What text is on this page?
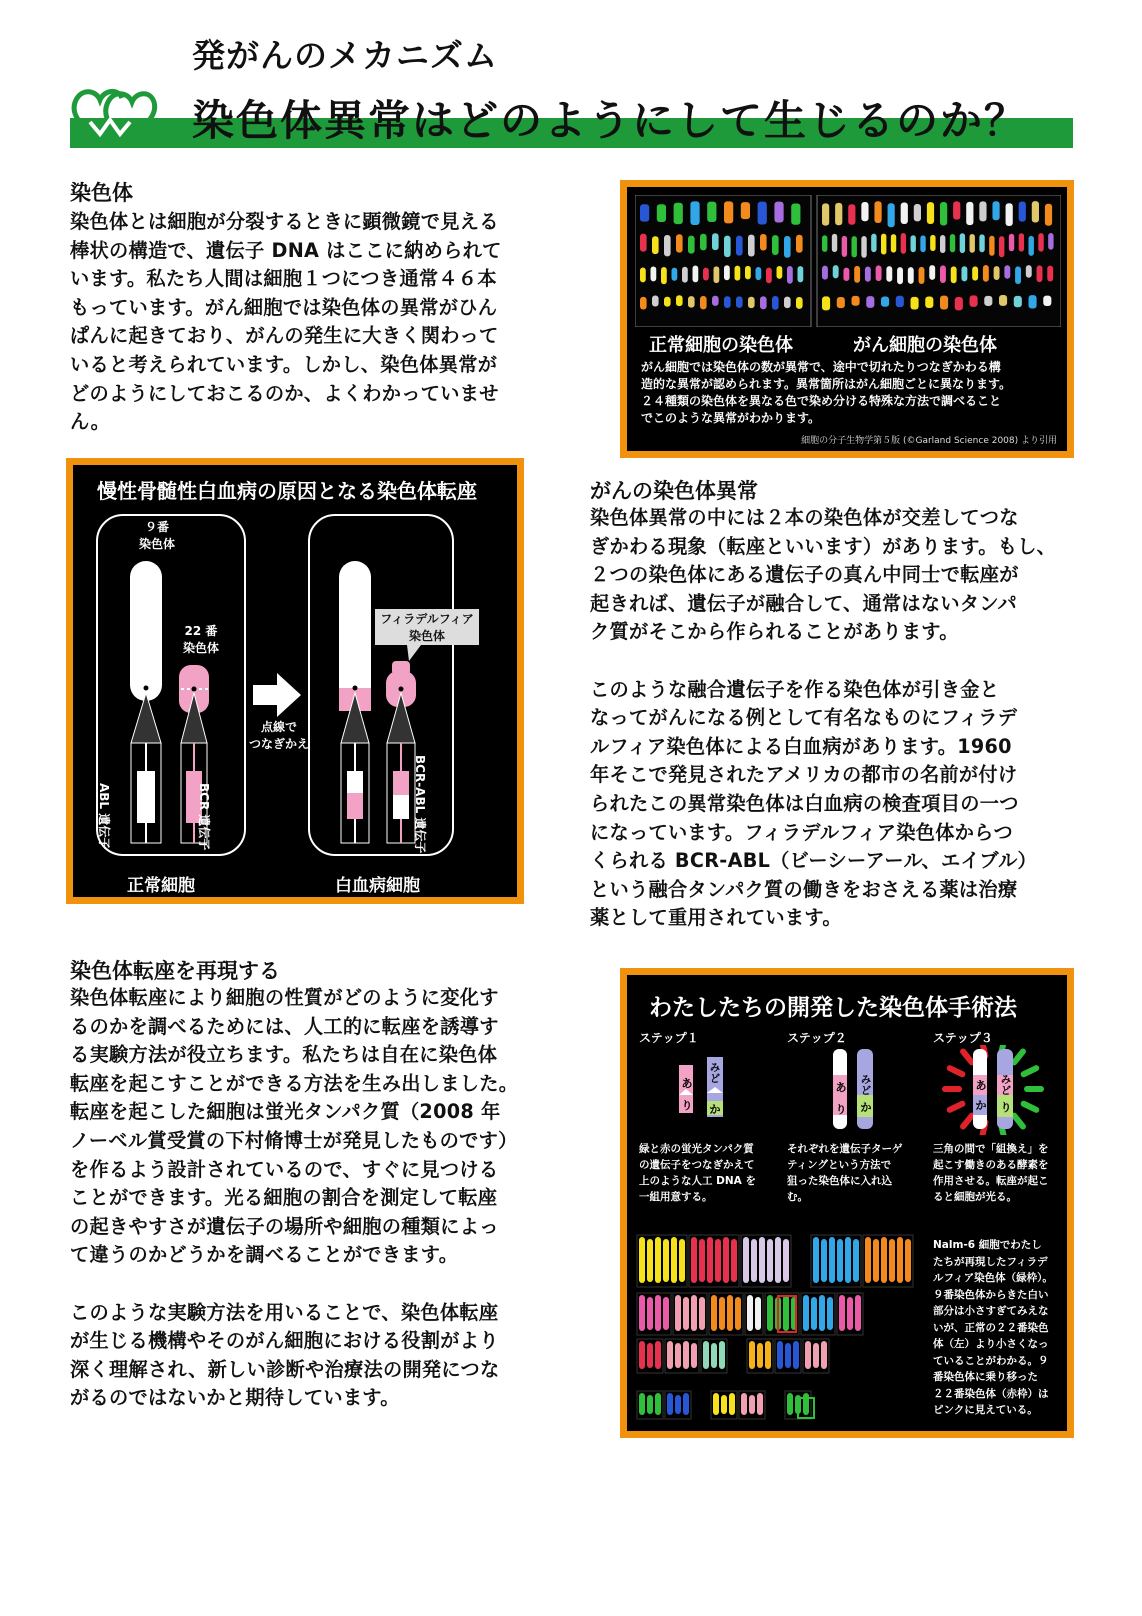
発がんのメカニズム
染色体異常はどのようにして生じるのか？
染色体
染色体とは細胞が分裂するときに顕微鏡で見える
棒状の構造で、遺伝子 DNA はここに納められて
います。私たち人間は細胞１つにつき通常４６本
もっています。がん細胞では染色体の異常がひん
ぱんに起きており、がんの発生に大きく関わって
いると考えられています。しかし、染色体異常が
どのようにしておこるのか、よくわかっていませ
ん。
正常細胞の染色体	がん細胞の染色体
がん細胞では染色体の数が異常で、途中で切れたりつなぎかわる構
造的な異常が認められます。異常箇所はがん細胞ごとに異なります。
２４種類の染色体を異なる色で染め分ける特殊な方法で調べること
でこのような異常がわかります。
細胞の分子生物学第５版 (©Garland Science 2008) より引用
慢性骨髄性白血病の原因となる染色体転座
９番
染色体
22 番
染色体
フィラデルフィア
染色体
点線で
つなぎかえ
ABL 遺伝子	BCR 遺伝子	BCR-ABL 遺伝子
正常細胞	白血病細胞
がんの染色体異常
染色体異常の中には２本の染色体が交差してつな
ぎかわる現象（転座といいます）があります。もし、
２つの染色体にある遺伝子の真ん中同士で転座が
起きれば、遺伝子が融合して、通常はないタンパ
ク質がそこから作られることがあります。
このような融合遺伝子を作る染色体が引き金と
なってがんになる例として有名なものにフィラデ
ルフィア染色体による白血病があります。1960
年そこで発見されたアメリカの都市の名前が付け
られたこの異常染色体は白血病の検査項目の一つ
になっています。フィラデルフィア染色体からつ
くられる BCR-ABL（ビーシーアール、エイブル）
という融合タンパク質の働きをおさえる薬は治療
薬として重用されています。
染色体転座を再現する
染色体転座により細胞の性質がどのように変化す
るのかを調べるためには、人工的に転座を誘導す
る実験方法が役立ちます。私たちは自在に染色体
転座を起こすことができる方法を生み出しました。
転座を起こした細胞は蛍光タンパク質（2008 年
ノーベル賞受賞の下村脩博士が発見したものです）
を作るよう設計されているので、すぐに見つける
ことができます。光る細胞の割合を測定して転座
の起きやすさが遺伝子の場所や細胞の種類によっ
て違うのかどうかを調べることができます。
このような実験方法を用いることで、染色体転座
が生じる機構やそのがん細胞における役割がより
深く理解され、新しい診断や治療法の開発につな
がるのではないかと期待しています。
わたしたちの開発した染色体手術法
ステップ１	ステップ２	ステップ３
あ
り
みど
か
あ
り
みど
か
あ
か
みど
り
緑と赤の蛍光タンパク質
の遺伝子をつなぎかえて
上のような人工 DNA を
一組用意する。
それぞれを遺伝子ターゲ
ティングという方法で
狙った染色体に入れ込
む。
三角の間で「組換え」を
起こす働きのある酵素を
作用させる。転座が起こ
ると細胞が光る。
Nalm-6 細胞でわたし
たちが再現したフィラデ
ルフィア染色体（緑枠）。
９番染色体からきた白い
部分は小さすぎてみえな
いが、正常の２２番染色
体（左）より小さくなっ
ていることがわかる。９
番染色体に乗り移った
２２番染色体（赤枠）は
ピンクに見えている。
